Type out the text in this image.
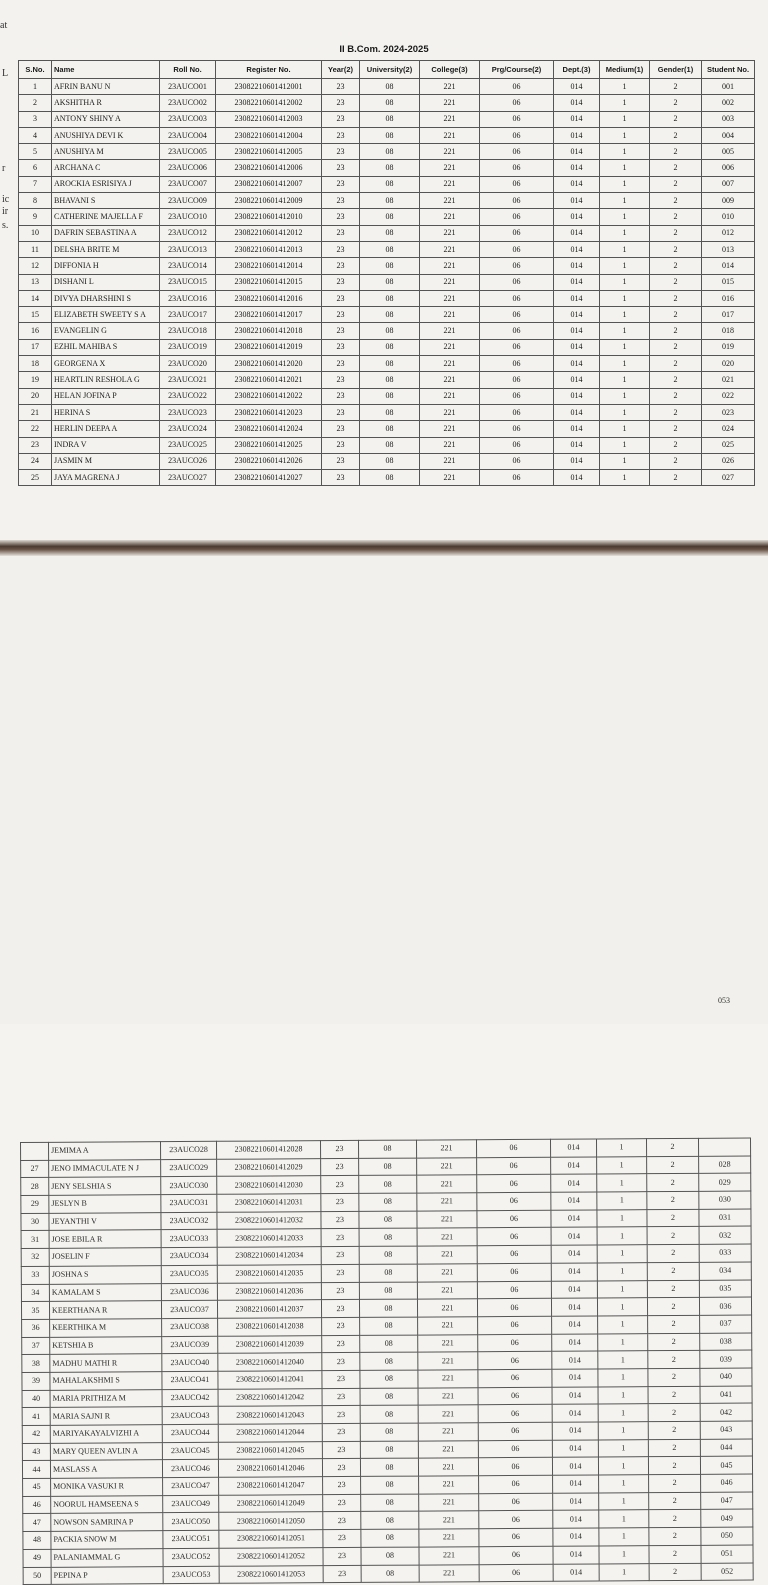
at
L
r
ic
ir
s.
II B.Com. 2024-2025
S.No.	Name	Roll No.	Register No.	Year(2)	University(2)	College(3)	Prg/Course(2)	Dept.(3)	Medium(1)	Gender(1)	Student No.
1	AFRIN BANU N	23AUCO01	23082210601412001	23	08	221	06	014	1	2	001
2	AKSHITHA R	23AUCO02	23082210601412002	23	08	221	06	014	1	2	002
3	ANTONY SHINY A	23AUCO03	23082210601412003	23	08	221	06	014	1	2	003
4	ANUSHIYA DEVI K	23AUCO04	23082210601412004	23	08	221	06	014	1	2	004
5	ANUSHIYA M	23AUCO05	23082210601412005	23	08	221	06	014	1	2	005
6	ARCHANA C	23AUCO06	23082210601412006	23	08	221	06	014	1	2	006
7	AROCKIA ESRISIYA J	23AUCO07	23082210601412007	23	08	221	06	014	1	2	007
8	BHAVANI S	23AUCO09	23082210601412009	23	08	221	06	014	1	2	009
9	CATHERINE MAJELLA F	23AUCO10	23082210601412010	23	08	221	06	014	1	2	010
10	DAFRIN SEBASTINA A	23AUCO12	23082210601412012	23	08	221	06	014	1	2	012
11	DELSHA BRITE M	23AUCO13	23082210601412013	23	08	221	06	014	1	2	013
12	DIFFONIA H	23AUCO14	23082210601412014	23	08	221	06	014	1	2	014
13	DISHANI L	23AUCO15	23082210601412015	23	08	221	06	014	1	2	015
14	DIVYA DHARSHINI S	23AUCO16	23082210601412016	23	08	221	06	014	1	2	016
15	ELIZABETH SWEETY S A	23AUCO17	23082210601412017	23	08	221	06	014	1	2	017
16	EVANGELIN G	23AUCO18	23082210601412018	23	08	221	06	014	1	2	018
17	EZHIL MAHIBA S	23AUCO19	23082210601412019	23	08	221	06	014	1	2	019
18	GEORGENA X	23AUCO20	23082210601412020	23	08	221	06	014	1	2	020
19	HEARTLIN RESHOLA G	23AUCO21	23082210601412021	23	08	221	06	014	1	2	021
20	HELAN JOFINA P	23AUCO22	23082210601412022	23	08	221	06	014	1	2	022
21	HERINA S	23AUCO23	23082210601412023	23	08	221	06	014	1	2	023
22	HERLIN DEEPA A	23AUCO24	23082210601412024	23	08	221	06	014	1	2	024
23	INDRA V	23AUCO25	23082210601412025	23	08	221	06	014	1	2	025
24	JASMIN M	23AUCO26	23082210601412026	23	08	221	06	014	1	2	026
25	JAYA MAGRENA J	23AUCO27	23082210601412027	23	08	221	06	014	1	2	027
	JEMIMA A	23AUCO28	23082210601412028	23	08	221	06	014	1	2	
27	JENO IMMACULATE N J	23AUCO29	23082210601412029	23	08	221	06	014	1	2	028
28	JENY SELSHIA S	23AUCO30	23082210601412030	23	08	221	06	014	1	2	029
29	JESLYN B	23AUCO31	23082210601412031	23	08	221	06	014	1	2	030
30	JEYANTHI V	23AUCO32	23082210601412032	23	08	221	06	014	1	2	031
31	JOSE EBILA R	23AUCO33	23082210601412033	23	08	221	06	014	1	2	032
32	JOSELIN F	23AUCO34	23082210601412034	23	08	221	06	014	1	2	033
33	JOSHNA S	23AUCO35	23082210601412035	23	08	221	06	014	1	2	034
34	KAMALAM S	23AUCO36	23082210601412036	23	08	221	06	014	1	2	035
35	KEERTHANA R	23AUCO37	23082210601412037	23	08	221	06	014	1	2	036
36	KEERTHIKA M	23AUCO38	23082210601412038	23	08	221	06	014	1	2	037
37	KETSHIA B	23AUCO39	23082210601412039	23	08	221	06	014	1	2	038
38	MADHU MATHI R	23AUCO40	23082210601412040	23	08	221	06	014	1	2	039
39	MAHALAKSHMI S	23AUCO41	23082210601412041	23	08	221	06	014	1	2	040
40	MARIA PRITHIZA M	23AUCO42	23082210601412042	23	08	221	06	014	1	2	041
41	MARIA SAJNI R	23AUCO43	23082210601412043	23	08	221	06	014	1	2	042
42	MARIYAKAYALVIZHI A	23AUCO44	23082210601412044	23	08	221	06	014	1	2	043
43	MARY QUEEN AVLIN A	23AUCO45	23082210601412045	23	08	221	06	014	1	2	044
44	MASLASS A	23AUCO46	23082210601412046	23	08	221	06	014	1	2	045
45	MONIKA VASUKI R	23AUCO47	23082210601412047	23	08	221	06	014	1	2	046
46	NOORUL HAMSEENA S	23AUCO49	23082210601412049	23	08	221	06	014	1	2	047
47	NOWSON SAMRINA P	23AUCO50	23082210601412050	23	08	221	06	014	1	2	049
48	PACKIA SNOW M	23AUCO51	23082210601412051	23	08	221	06	014	1	2	050
49	PALANIAMMAL G	23AUCO52	23082210601412052	23	08	221	06	014	1	2	051
50	PEPINA P	23AUCO53	23082210601412053	23	08	221	06	014	1	2	052
053
